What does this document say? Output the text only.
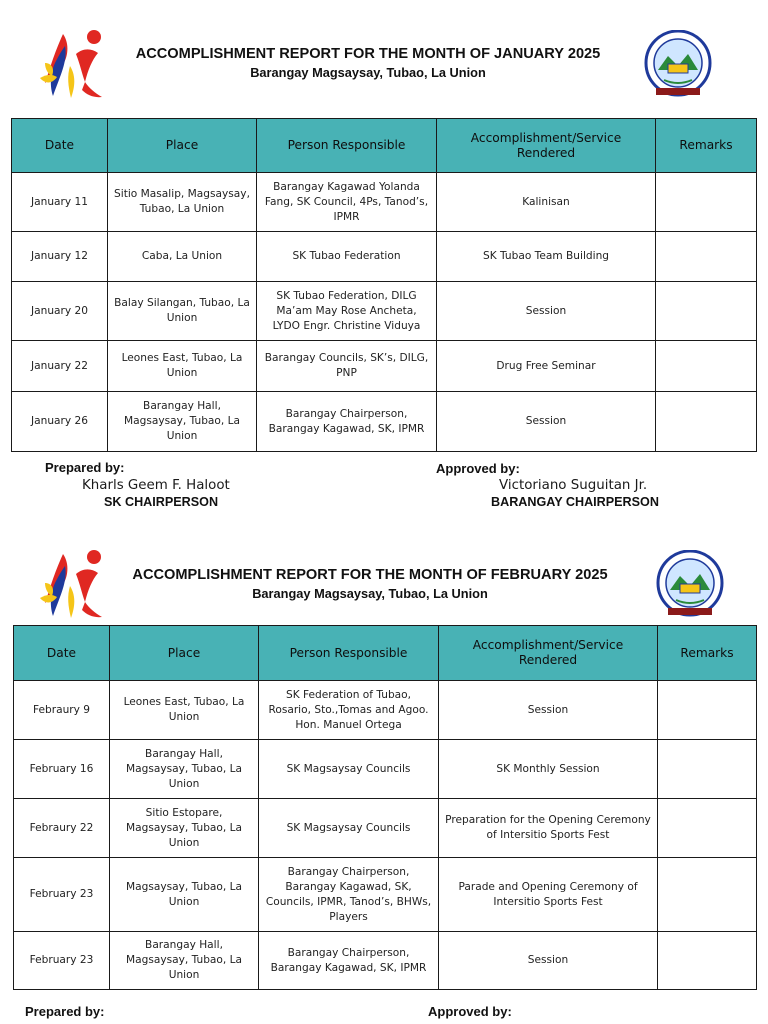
ACCOMPLISHMENT REPORT FOR THE MONTH OF JANUARY 2025
Barangay Magsaysay, Tubao, La Union
Date	Place	Person Responsible	Accomplishment/Service Rendered	Remarks
January 11	Sitio Masalip, Magsaysay, Tubao, La Union	Barangay Kagawad Yolanda Fang, SK Council, 4Ps, Tanod’s, IPMR	Kalinisan	
January 12	Caba, La Union	SK Tubao Federation	SK Tubao Team Building	
January 20	Balay Silangan, Tubao, La Union	SK Tubao Federation, DILG Ma’am May Rose Ancheta, LYDO Engr. Christine Viduya	Session	
January 22	Leones East, Tubao, La Union	Barangay Councils, SK’s, DILG, PNP	Drug Free Seminar	
January 26	Barangay Hall, Magsaysay, Tubao, La Union	Barangay Chairperson, Barangay Kagawad, SK, IPMR	Session	
Prepared by:
Kharls Geem F. Haloot
SK CHAIRPERSON
Approved by:
Victoriano Suguitan Jr.
BARANGAY CHAIRPERSON
ACCOMPLISHMENT REPORT FOR THE MONTH OF FEBRUARY 2025
Barangay Magsaysay, Tubao, La Union
Date	Place	Person Responsible	Accomplishment/Service Rendered	Remarks
Febraury 9	Leones East, Tubao, La Union	SK Federation of Tubao, Rosario, Sto.,Tomas and Agoo. Hon. Manuel Ortega	Session	
February 16	Barangay Hall, Magsaysay, Tubao, La Union	SK Magsaysay Councils	SK Monthly Session	
Febraury 22	Sitio Estopare, Magsaysay, Tubao, La Union	SK Magsaysay Councils	Preparation for the Opening Ceremony of Intersitio Sports Fest	
February 23	Magsaysay, Tubao, La Union	Barangay Chairperson, Barangay Kagawad, SK, Councils, IPMR, Tanod’s, BHWs, Players	Parade and Opening Ceremony of Intersitio Sports Fest	
February 23	Barangay Hall, Magsaysay, Tubao, La Union	Barangay Chairperson, Barangay Kagawad, SK, IPMR	Session	
Prepared by:	Approved by:
